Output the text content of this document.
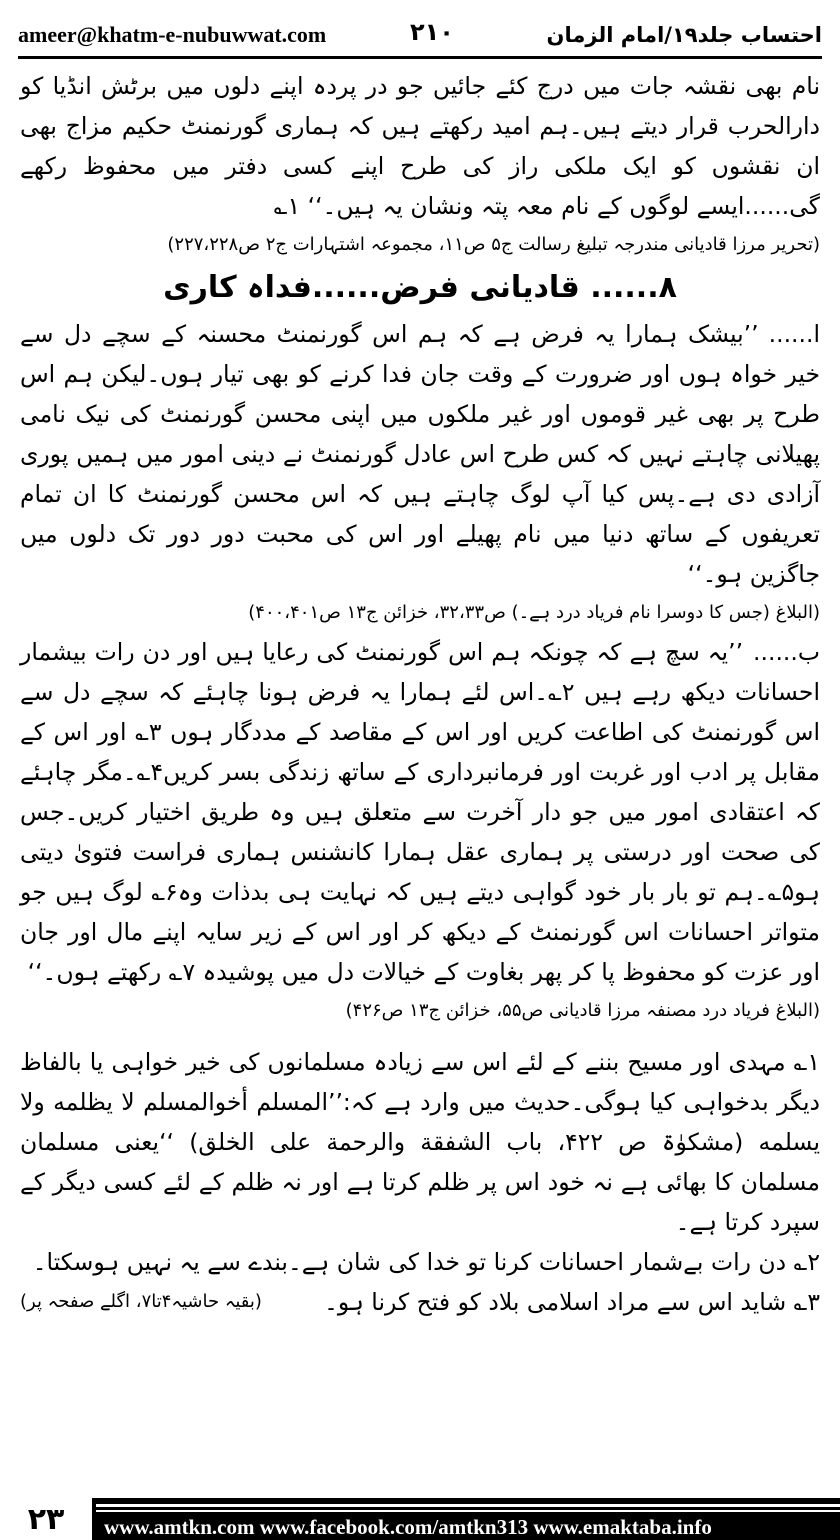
ameer@khatm-e-nubuwwat.com	۲۱۰	احتساب جلد۱۹/امام الزمان

نام بھی نقشہ جات میں درج کئے جائیں جو در پردہ اپنے دلوں میں برٹش انڈیا کو دارالحرب قرار دیتے ہیں۔ہم امید رکھتے ہیں کہ ہماری گورنمنٹ حکیم مزاج بھی ان نقشوں کو ایک ملکی راز کی طرح اپنے کسی دفتر میں محفوظ رکھے گی......ایسے لوگوں کے نام معہ پتہ ونشان یہ ہیں۔‘‘ ۱؎

(تحریر مرزا قادیانی مندرجہ تبلیغ رسالت ج۵ ص۱۱، مجموعہ اشتہارات ج۲ ص۲۲۷،۲۲۸)

۸...... قادیانی فرض......فداہ کاری

ا......’’بیشک ہمارا یہ فرض ہے کہ ہم اس گورنمنٹ محسنہ کے سچے دل سے خیر خواہ ہوں اور ضرورت کے وقت جان فدا کرنے کو بھی تیار ہوں۔لیکن ہم اس طرح پر بھی غیر قوموں اور غیر ملکوں میں اپنی محسن گورنمنٹ کی نیک نامی پھیلانی چاہتے نہیں کہ کس طرح اس عادل گورنمنٹ نے دینی امور میں ہمیں پوری آزادی دی ہے۔پس کیا آپ لوگ چاہتے ہیں کہ اس محسن گورنمنٹ کا ان تمام تعریفوں کے ساتھ دنیا میں نام پھیلے اور اس کی محبت دور دور تک دلوں میں جاگزین ہو۔‘‘

(البلاغ (جس کا دوسرا نام فریاد درد ہے۔) ص۳۲،۳۳، خزائن ج۱۳ ص۴۰۰،۴۰۱)

ب......’’یہ سچ ہے کہ چونکہ ہم اس گورنمنٹ کی رعایا ہیں اور دن رات بیشمار احسانات دیکھ رہے ہیں ۲؎۔اس لئے ہمارا یہ فرض ہونا چاہئے کہ سچے دل سے اس گورنمنٹ کی اطاعت کریں اور اس کے مقاصد کے مددگار ہوں ۳؎ اور اس کے مقابل پر ادب اور غربت اور فرمانبرداری کے ساتھ زندگی بسر کریں۴؎۔مگر چاہئے کہ اعتقادی امور میں جو دار آخرت سے متعلق ہیں وہ طریق اختیار کریں۔جس کی صحت اور درستی پر ہماری عقل ہمارا کانشنس ہماری فراست فتویٰ دیتی ہو۵؎۔ہم تو بار بار خود گواہی دیتے ہیں کہ نہایت ہی بدذات وہ۶؎ لوگ ہیں جو متواتر احسانات اس گورنمنٹ کے دیکھ کر اور اس کے زیر سایہ اپنے مال اور جان اور عزت کو محفوظ پا کر پھر بغاوت کے خیالات دل میں پوشیدہ ۷؎ رکھتے ہوں۔‘‘

(البلاغ فریاد درد مصنفہ مرزا قادیانی ص۵۵، خزائن ج۱۳ ص۴۲۶)

۱؎ مہدی اور مسیح بننے کے لئے اس سے زیادہ مسلمانوں کی خیر خواہی یا بالفاظ دیگر بدخواہی کیا ہوگی۔حدیث میں وارد ہے کہ:’’المسلم أخوالمسلم لا یظلمه ولا یسلمه (مشکوٰۃ ص ۴۲۲، باب الشفقة والرحمة علی الخلق) ‘‘یعنی مسلمان مسلمان کا بھائی ہے نہ خود اس پر ظلم کرتا ہے اور نہ ظلم کے لئے کسی دیگر کے سپرد کرتا ہے۔

۲؎ دن رات بےشمار احسانات کرنا تو خدا کی شان ہے۔بندے سے یہ نہیں ہوسکتا۔

۳؎ شاید اس سے مراد اسلامی بلاد کو فتح کرنا ہو۔
(بقیہ حاشیہ۴تا۷، اگلے صفحہ پر)
۲۳	www.amtkn.com www.facebook.com/amtkn313 www.emaktaba.info
